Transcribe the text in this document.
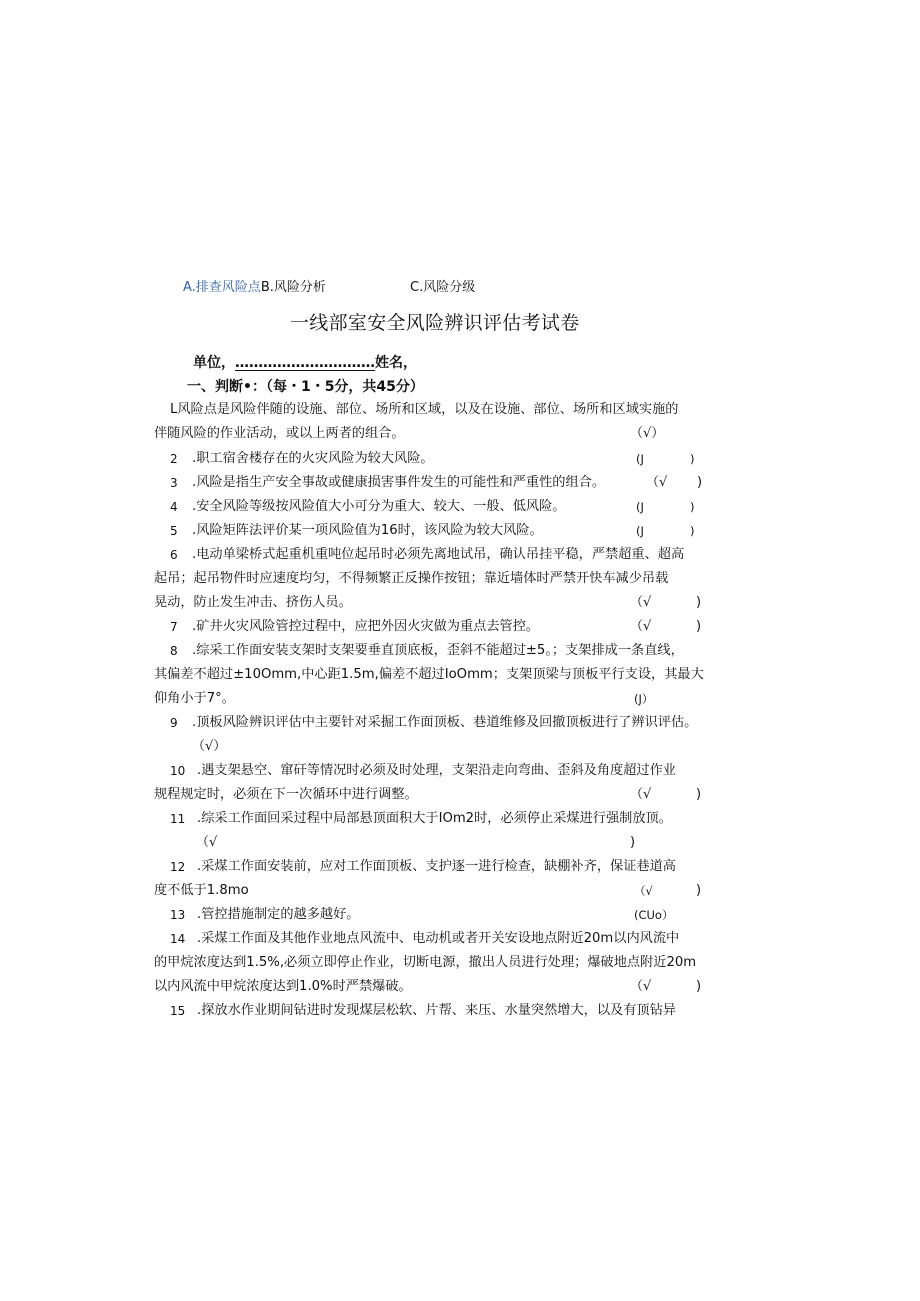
A.排查风险点B.风险分析	C.风险分级
一线部室安全风险辨识评估考试卷
单位，…………………………姓名，
一、判断•：（每・1・5分，共45分）
L风险点是风险伴随的设施、部位、场所和区域，以及在设施、部位、场所和区域实施的
伴随风险的作业活动，或以上两者的组合。	（√）
2 .职工宿舍楼存在的火灾风险为较大风险。	(J	)
3 .风险是指生产安全事故或健康损害事件发生的可能性和严重性的组合。	（√ )
4 .安全风险等级按风险值大小可分为重大、较大、一般、低风险。	(J	)
5 .风险矩阵法评价某一项风险值为16时，该风险为较大风险。	(J	)
6 .电动单梁桥式起重机重吨位起吊时必须先离地试吊，确认吊挂平稳，严禁超重、超高
起吊；起吊物件时应速度均匀，不得频繁正反操作按钮；靠近墙体时严禁开快车减少吊载
晃动，防止发生冲击、挤伤人员。	（√	)
7 .矿井火灾风险管控过程中，应把外因火灾做为重点去管控。	（√	)
8 .综采工作面安装支架时支架要垂直顶底板，歪斜不能超过±5。；支架排成一条直线，
其偏差不超过±10Omm,中心距1.5m,偏差不超过IoOmm；支架顶梁与顶板平行支设，其最大
仰角小于7°。	(J）
9 .顶板风险辨识评估中主要针对采掘工作面顶板、巷道维修及回撤顶板进行了辨识评估。
（√）
10 .遇支架悬空、窜矸等情况时必须及时处理，支架沿走向弯曲、歪斜及角度超过作业
规程规定时，必须在下一次循环中进行调整。	（√	)
11 .综采工作面回采过程中局部悬顶面积大于IOm2时，必须停止采煤进行强制放顶。
（√	)
12 .采煤工作面安装前，应对工作面顶板、支护逐一进行检查，缺棚补齐，保证巷道高
度不低于1.8mo	（√	)
13 .管控措施制定的越多越好。	(CUo）
14 .采煤工作面及其他作业地点风流中、电动机或者开关安设地点附近20m以内风流中
的甲烷浓度达到1.5%,必须立即停止作业，切断电源，撤出人员进行处理；爆破地点附近20m
以内风流中甲烷浓度达到1.0%时严禁爆破。	（√	)
15 .探放水作业期间钻进时发现煤层松软、片帮、来压、水量突然增大，以及有顶钻异
